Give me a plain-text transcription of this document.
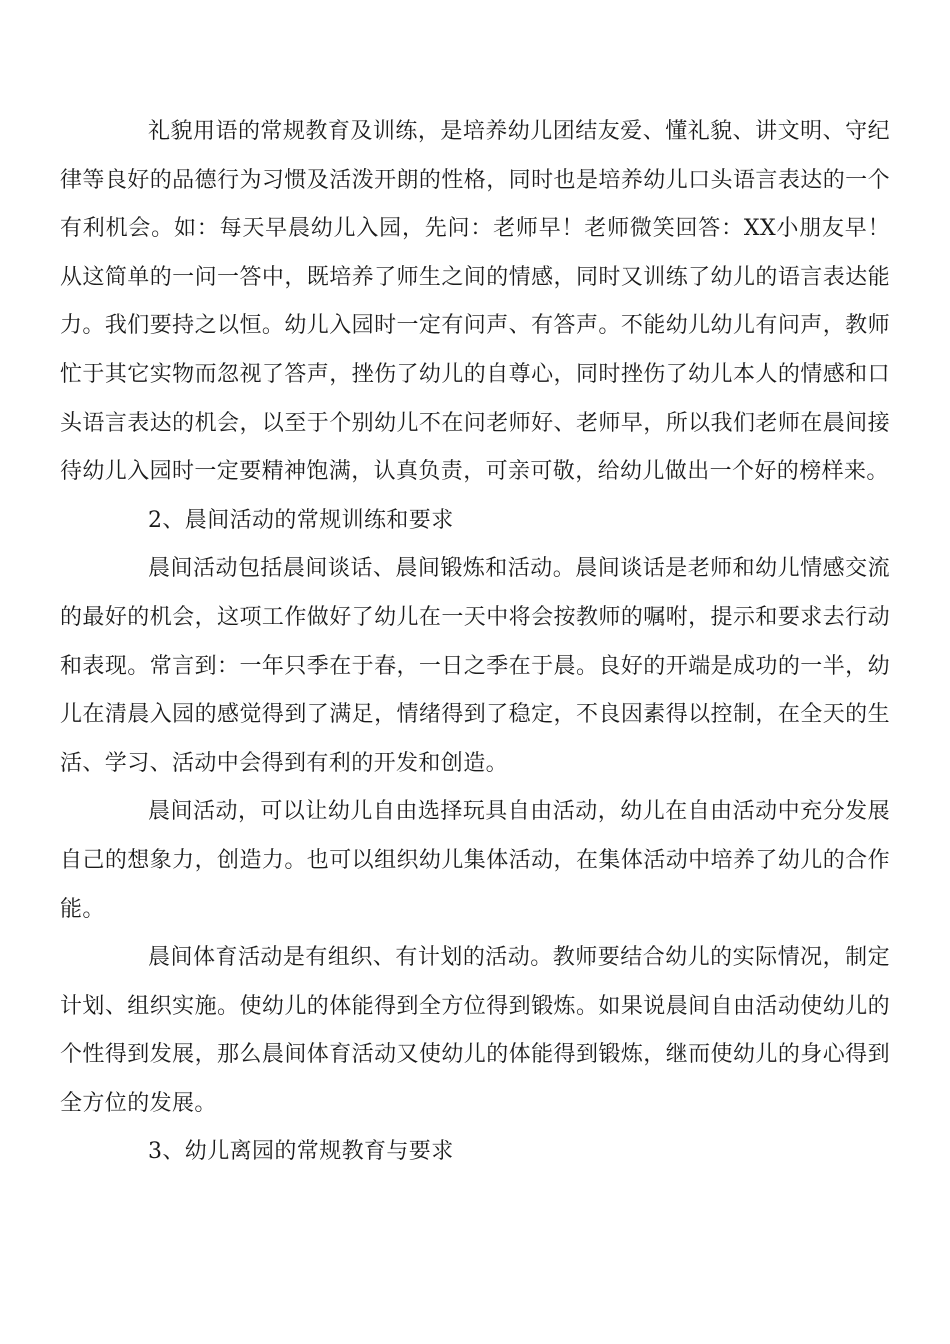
礼貌用语的常规教育及训练，是培养幼儿团结友爱、懂礼貌、讲文明、守纪律等良好的品德行为习惯及活泼开朗的性格，同时也是培养幼儿口头语言表达的一个有利机会。如：每天早晨幼儿入园，先问：老师早！老师微笑回答：XX小朋友早！从这简单的一问一答中，既培养了师生之间的情感，同时又训练了幼儿的语言表达能力。我们要持之以恒。幼儿入园时一定有问声、有答声。不能幼儿幼儿有问声，教师忙于其它实物而忽视了答声，挫伤了幼儿的自尊心，同时挫伤了幼儿本人的情感和口头语言表达的机会，以至于个别幼儿不在问老师好、老师早，所以我们老师在晨间接待幼儿入园时一定要精神饱满，认真负责，可亲可敬，给幼儿做出一个好的榜样来。

2、晨间活动的常规训练和要求

晨间活动包括晨间谈话、晨间锻炼和活动。晨间谈话是老师和幼儿情感交流的最好的机会，这项工作做好了幼儿在一天中将会按教师的嘱咐，提示和要求去行动和表现。常言到：一年只季在于春，一日之季在于晨。良好的开端是成功的一半，幼儿在清晨入园的感觉得到了满足，情绪得到了稳定，不良因素得以控制，在全天的生活、学习、活动中会得到有利的开发和创造。

晨间活动，可以让幼儿自由选择玩具自由活动，幼儿在自由活动中充分发展自己的想象力，创造力。也可以组织幼儿集体活动，在集体活动中培养了幼儿的合作能。

晨间体育活动是有组织、有计划的活动。教师要结合幼儿的实际情况，制定计划、组织实施。使幼儿的体能得到全方位得到锻炼。如果说晨间自由活动使幼儿的个性得到发展，那么晨间体育活动又使幼儿的体能得到锻炼，继而使幼儿的身心得到全方位的发展。

3、幼儿离园的常规教育与要求
